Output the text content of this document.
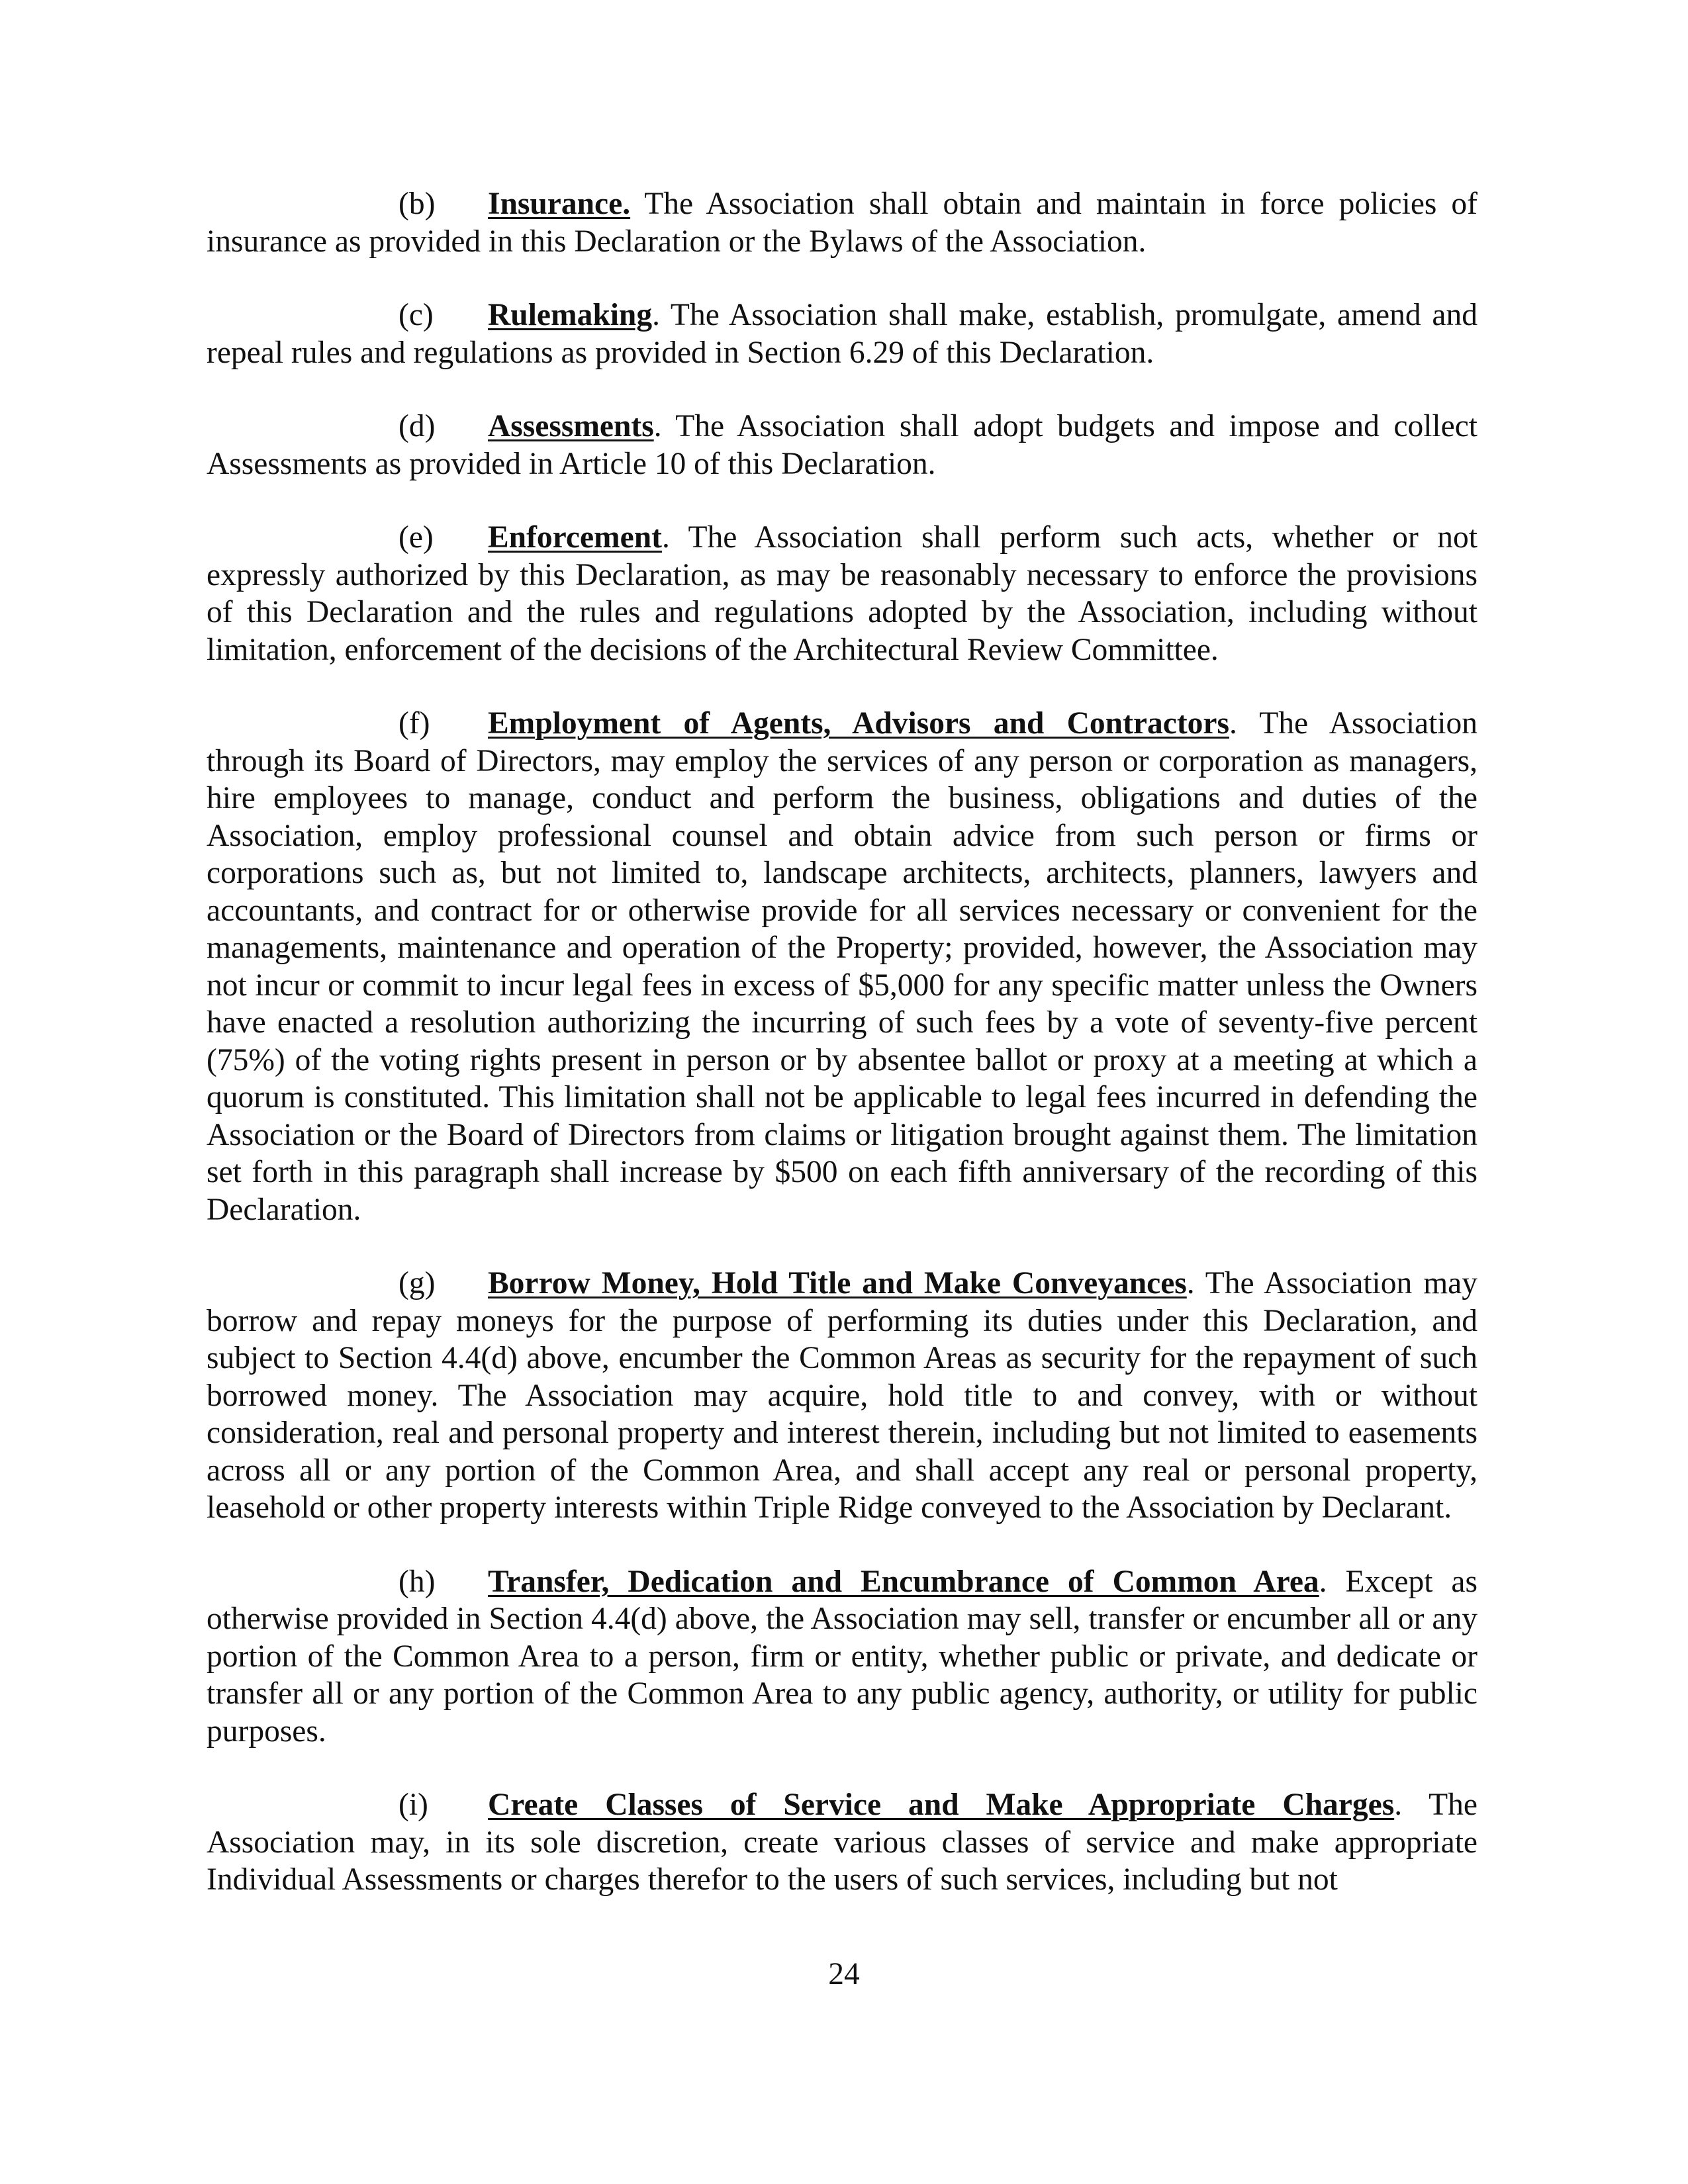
(b) Insurance. The Association shall obtain and maintain in force policies of insurance as provided in this Declaration or the Bylaws of the Association.

(c) Rulemaking. The Association shall make, establish, promulgate, amend and repeal rules and regulations as provided in Section 6.29 of this Declaration.

(d) Assessments. The Association shall adopt budgets and impose and collect Assessments as provided in Article 10 of this Declaration.

(e) Enforcement. The Association shall perform such acts, whether or not expressly authorized by this Declaration, as may be reasonably necessary to enforce the provisions of this Declaration and the rules and regulations adopted by the Association, including without limitation, enforcement of the decisions of the Architectural Review Committee.

(f) Employment of Agents, Advisors and Contractors. The Association through its Board of Directors, may employ the services of any person or corporation as managers, hire employees to manage, conduct and perform the business, obligations and duties of the Association, employ professional counsel and obtain advice from such person or firms or corporations such as, but not limited to, landscape architects, architects, planners, lawyers and accountants, and contract for or otherwise provide for all services necessary or convenient for the managements, maintenance and operation of the Property; provided, however, the Association may not incur or commit to incur legal fees in excess of $5,000 for any specific matter unless the Owners have enacted a resolution authorizing the incurring of such fees by a vote of seventy-five percent (75%) of the voting rights present in person or by absentee ballot or proxy at a meeting at which a quorum is constituted. This limitation shall not be applicable to legal fees incurred in defending the Association or the Board of Directors from claims or litigation brought against them. The limitation set forth in this paragraph shall increase by $500 on each fifth anniversary of the recording of this Declaration.

(g) Borrow Money, Hold Title and Make Conveyances. The Association may borrow and repay moneys for the purpose of performing its duties under this Declaration, and subject to Section 4.4(d) above, encumber the Common Areas as security for the repayment of such borrowed money. The Association may acquire, hold title to and convey, with or without consideration, real and personal property and interest therein, including but not limited to easements across all or any portion of the Common Area, and shall accept any real or personal property, leasehold or other property interests within Triple Ridge conveyed to the Association by Declarant.

(h) Transfer, Dedication and Encumbrance of Common Area. Except as otherwise provided in Section 4.4(d) above, the Association may sell, transfer or encumber all or any portion of the Common Area to a person, firm or entity, whether public or private, and dedicate or transfer all or any portion of the Common Area to any public agency, authority, or utility for public purposes.

(i) Create Classes of Service and Make Appropriate Charges. The Association may, in its sole discretion, create various classes of service and make appropriate Individual Assessments or charges therefor to the users of such services, including but not

24
